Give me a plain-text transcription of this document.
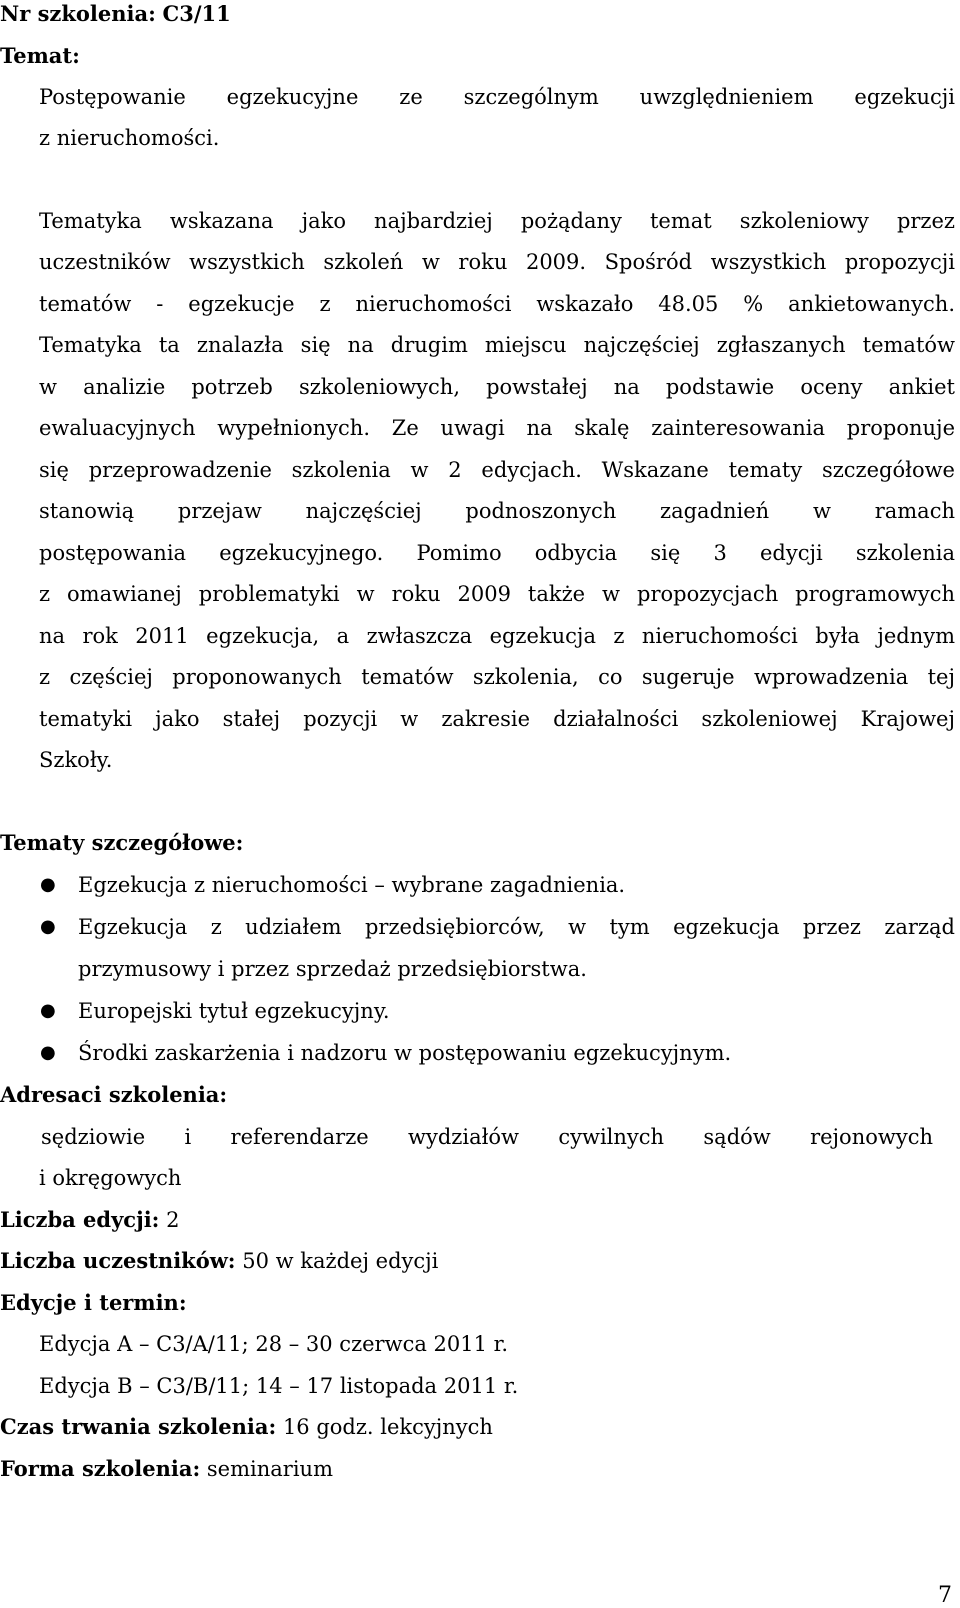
Nr szkolenia: C3/11
Temat:
Postępowanie egzekucyjne ze szczególnym uwzględnieniem egzekucji
z nieruchomości.
Tematyka wskazana jako najbardziej pożądany temat szkoleniowy przez
uczestników wszystkich szkoleń w roku 2009. Spośród wszystkich propozycji
tematów - egzekucje z nieruchomości wskazało 48.05 % ankietowanych.
Tematyka ta znalazła się na drugim miejscu najczęściej zgłaszanych tematów
w analizie potrzeb szkoleniowych, powstałej na podstawie oceny ankiet
ewaluacyjnych wypełnionych. Ze uwagi na skalę zainteresowania proponuje
się przeprowadzenie szkolenia w 2 edycjach. Wskazane tematy szczegółowe
stanowią przejaw najczęściej podnoszonych zagadnień w ramach
postępowania egzekucyjnego. Pomimo odbycia się 3 edycji szkolenia
z omawianej problematyki w roku 2009 także w propozycjach programowych
na rok 2011 egzekucja, a zwłaszcza egzekucja z nieruchomości była jednym
z częściej proponowanych tematów szkolenia, co sugeruje wprowadzenia tej
tematyki jako stałej pozycji w zakresie działalności szkoleniowej Krajowej
Szkoły.
Tematy szczegółowe:
● Egzekucja z nieruchomości – wybrane zagadnienia.
● Egzekucja z udziałem przedsiębiorców, w tym egzekucja przez zarząd
przymusowy i przez sprzedaż przedsiębiorstwa.
● Europejski tytuł egzekucyjny.
● Środki zaskarżenia i nadzoru w postępowaniu egzekucyjnym.
Adresaci szkolenia:
sędziowie i referendarze wydziałów cywilnych sądów rejonowych
i okręgowych
Liczba edycji: 2
Liczba uczestników: 50 w każdej edycji
Edycje i termin:
Edycja A – C3/A/11; 28 – 30 czerwca 2011 r.
Edycja B – C3/B/11; 14 – 17 listopada 2011 r.
Czas trwania szkolenia: 16 godz. lekcyjnych
Forma szkolenia: seminarium
7
